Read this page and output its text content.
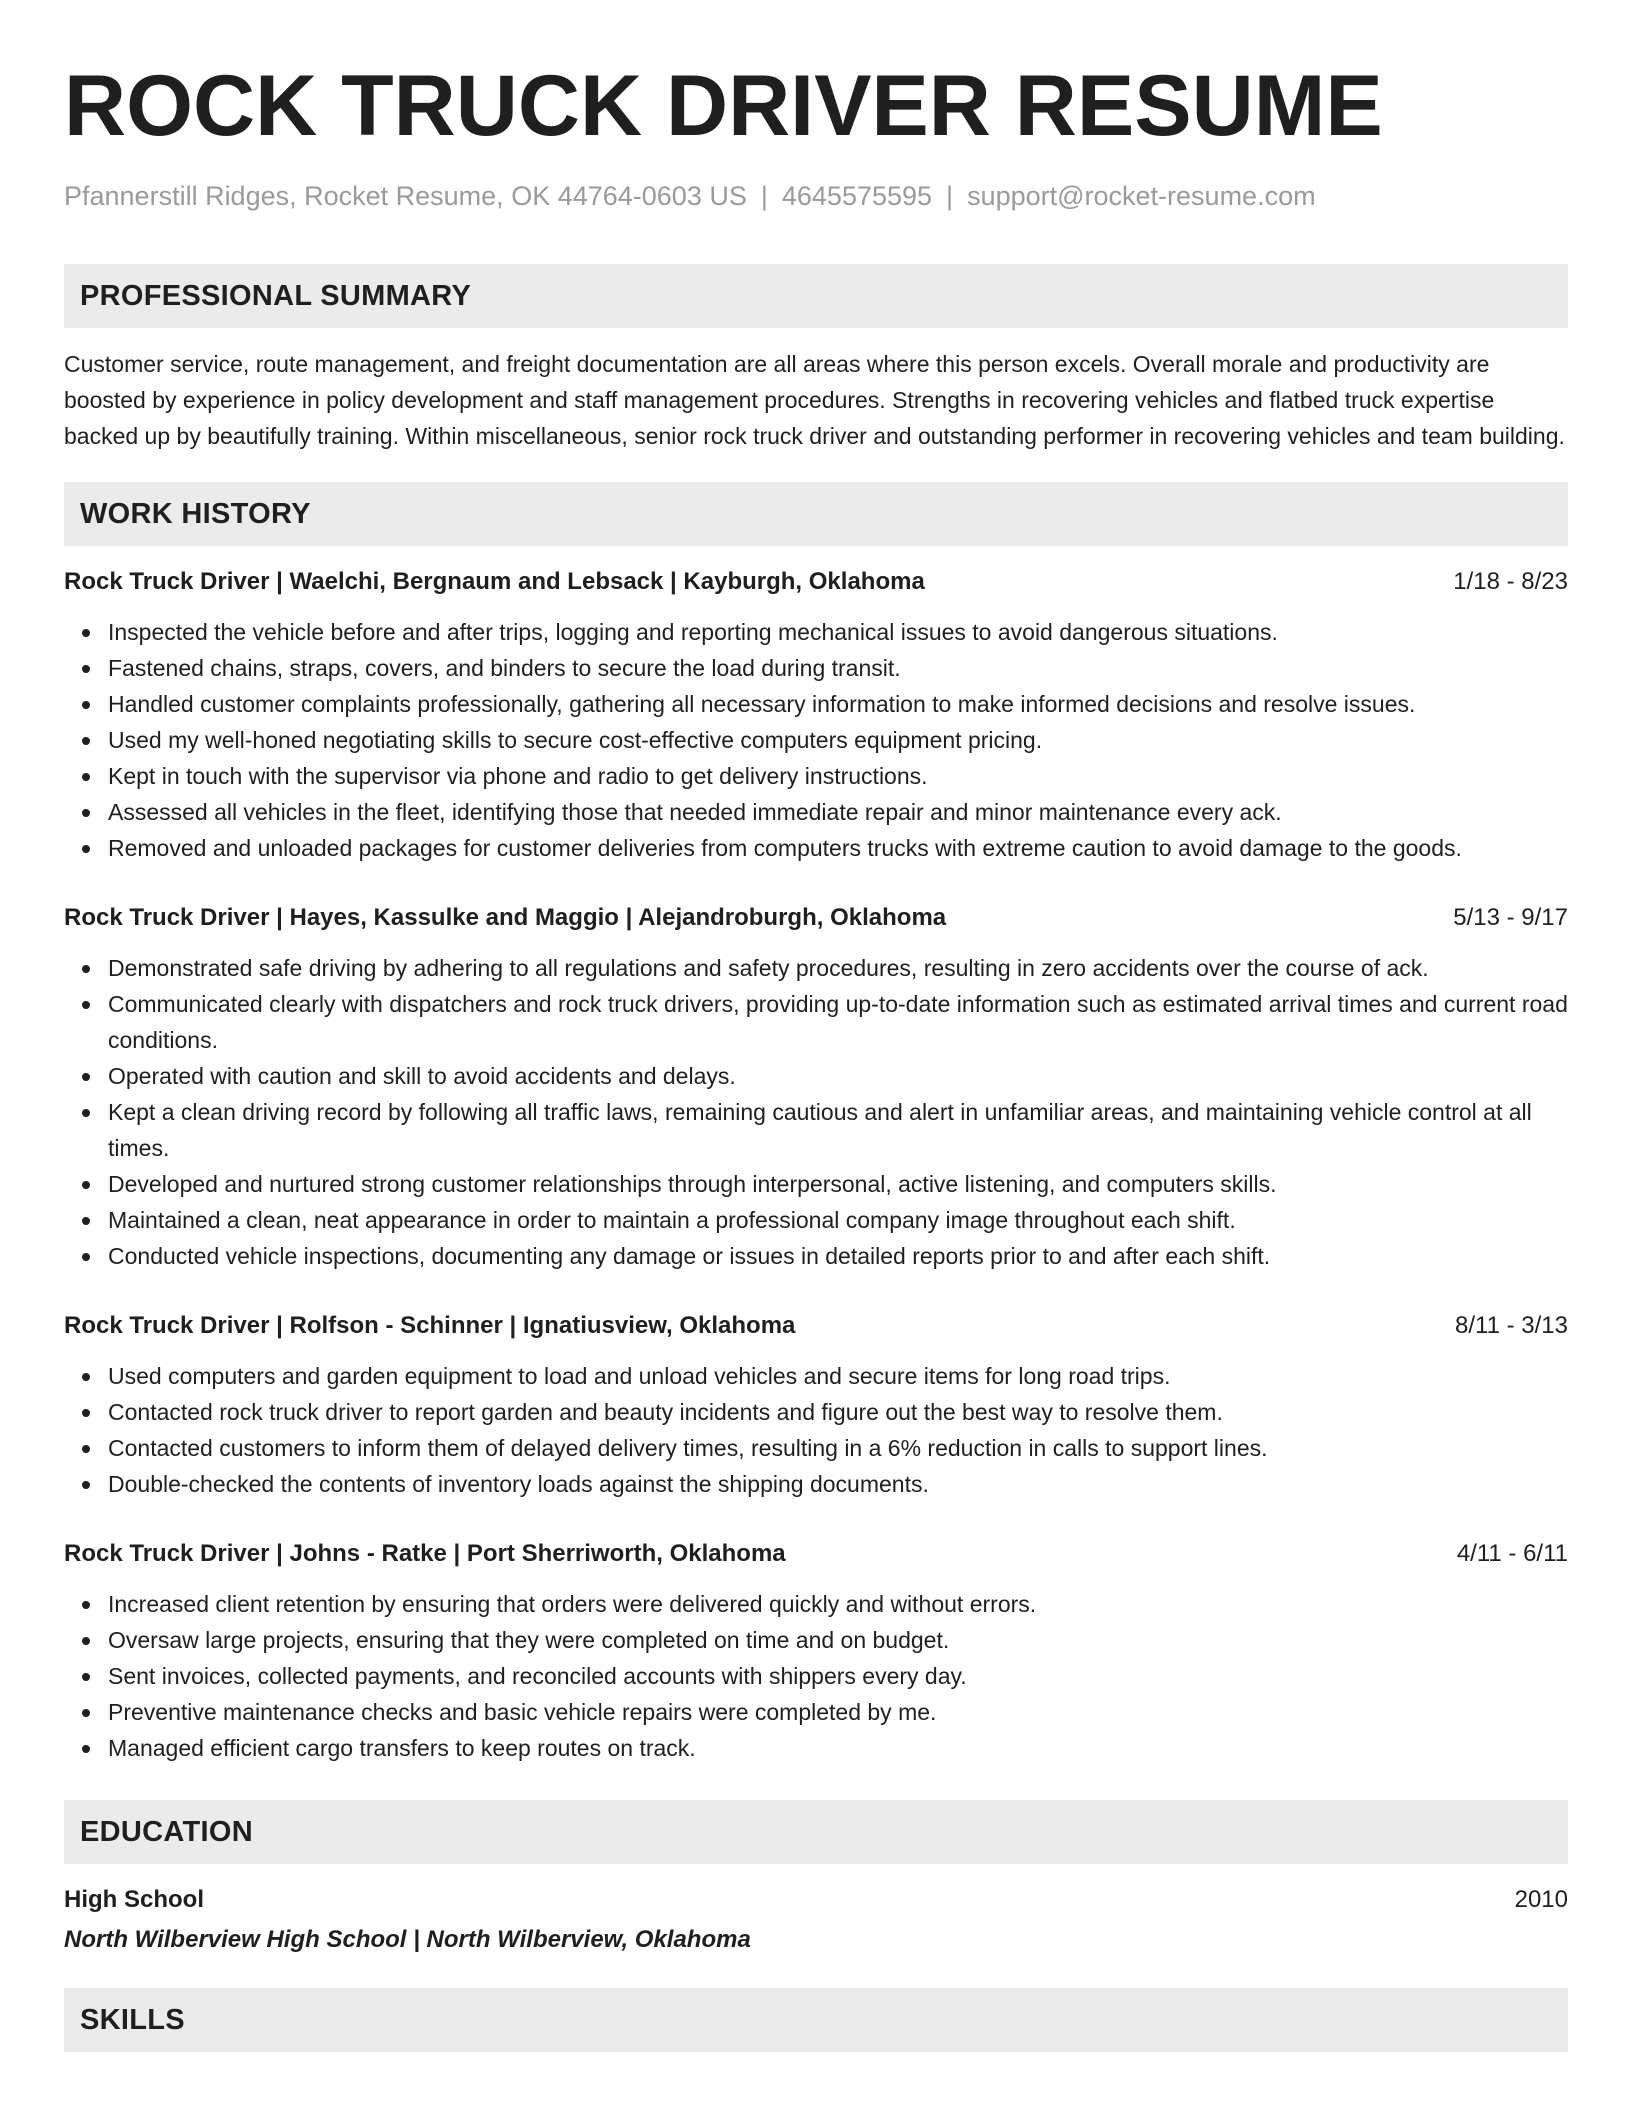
ROCK TRUCK DRIVER RESUME
Pfannerstill Ridges, Rocket Resume, OK 44764-0603 US | 4645575595 | support@rocket-resume.com
PROFESSIONAL SUMMARY
Customer service, route management, and freight documentation are all areas where this person excels. Overall morale and productivity are boosted by experience in policy development and staff management procedures. Strengths in recovering vehicles and flatbed truck expertise backed up by beautifully training. Within miscellaneous, senior rock truck driver and outstanding performer in recovering vehicles and team building.
WORK HISTORY
Rock Truck Driver | Waelchi, Bergnaum and Lebsack | Kayburgh, Oklahoma	1/18 - 8/23
Inspected the vehicle before and after trips, logging and reporting mechanical issues to avoid dangerous situations.
Fastened chains, straps, covers, and binders to secure the load during transit.
Handled customer complaints professionally, gathering all necessary information to make informed decisions and resolve issues.
Used my well-honed negotiating skills to secure cost-effective computers equipment pricing.
Kept in touch with the supervisor via phone and radio to get delivery instructions.
Assessed all vehicles in the fleet, identifying those that needed immediate repair and minor maintenance every ack.
Removed and unloaded packages for customer deliveries from computers trucks with extreme caution to avoid damage to the goods.
Rock Truck Driver | Hayes, Kassulke and Maggio | Alejandroburgh, Oklahoma	5/13 - 9/17
Demonstrated safe driving by adhering to all regulations and safety procedures, resulting in zero accidents over the course of ack.
Communicated clearly with dispatchers and rock truck drivers, providing up-to-date information such as estimated arrival times and current road conditions.
Operated with caution and skill to avoid accidents and delays.
Kept a clean driving record by following all traffic laws, remaining cautious and alert in unfamiliar areas, and maintaining vehicle control at all times.
Developed and nurtured strong customer relationships through interpersonal, active listening, and computers skills.
Maintained a clean, neat appearance in order to maintain a professional company image throughout each shift.
Conducted vehicle inspections, documenting any damage or issues in detailed reports prior to and after each shift.
Rock Truck Driver | Rolfson - Schinner | Ignatiusview, Oklahoma	8/11 - 3/13
Used computers and garden equipment to load and unload vehicles and secure items for long road trips.
Contacted rock truck driver to report garden and beauty incidents and figure out the best way to resolve them.
Contacted customers to inform them of delayed delivery times, resulting in a 6% reduction in calls to support lines.
Double-checked the contents of inventory loads against the shipping documents.
Rock Truck Driver | Johns - Ratke | Port Sherriworth, Oklahoma	4/11 - 6/11
Increased client retention by ensuring that orders were delivered quickly and without errors.
Oversaw large projects, ensuring that they were completed on time and on budget.
Sent invoices, collected payments, and reconciled accounts with shippers every day.
Preventive maintenance checks and basic vehicle repairs were completed by me.
Managed efficient cargo transfers to keep routes on track.
EDUCATION
High School	2010
North Wilberview High School | North Wilberview, Oklahoma
SKILLS
